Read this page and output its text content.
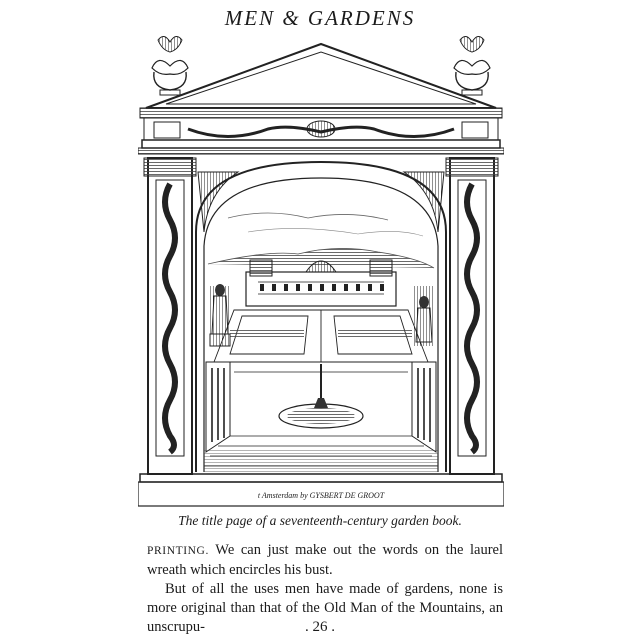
MEN & GARDENS
t Amsterdam by GYSBERT DE GROOT
The title page of a seventeenth-century garden book.

PRINTING. We can just make out the words on the laurel wreath which encircles his bust.

But of all the uses men have made of gardens, none is more original than that of the Old Man of the Mountains, an unscrupu-	. 26 .
